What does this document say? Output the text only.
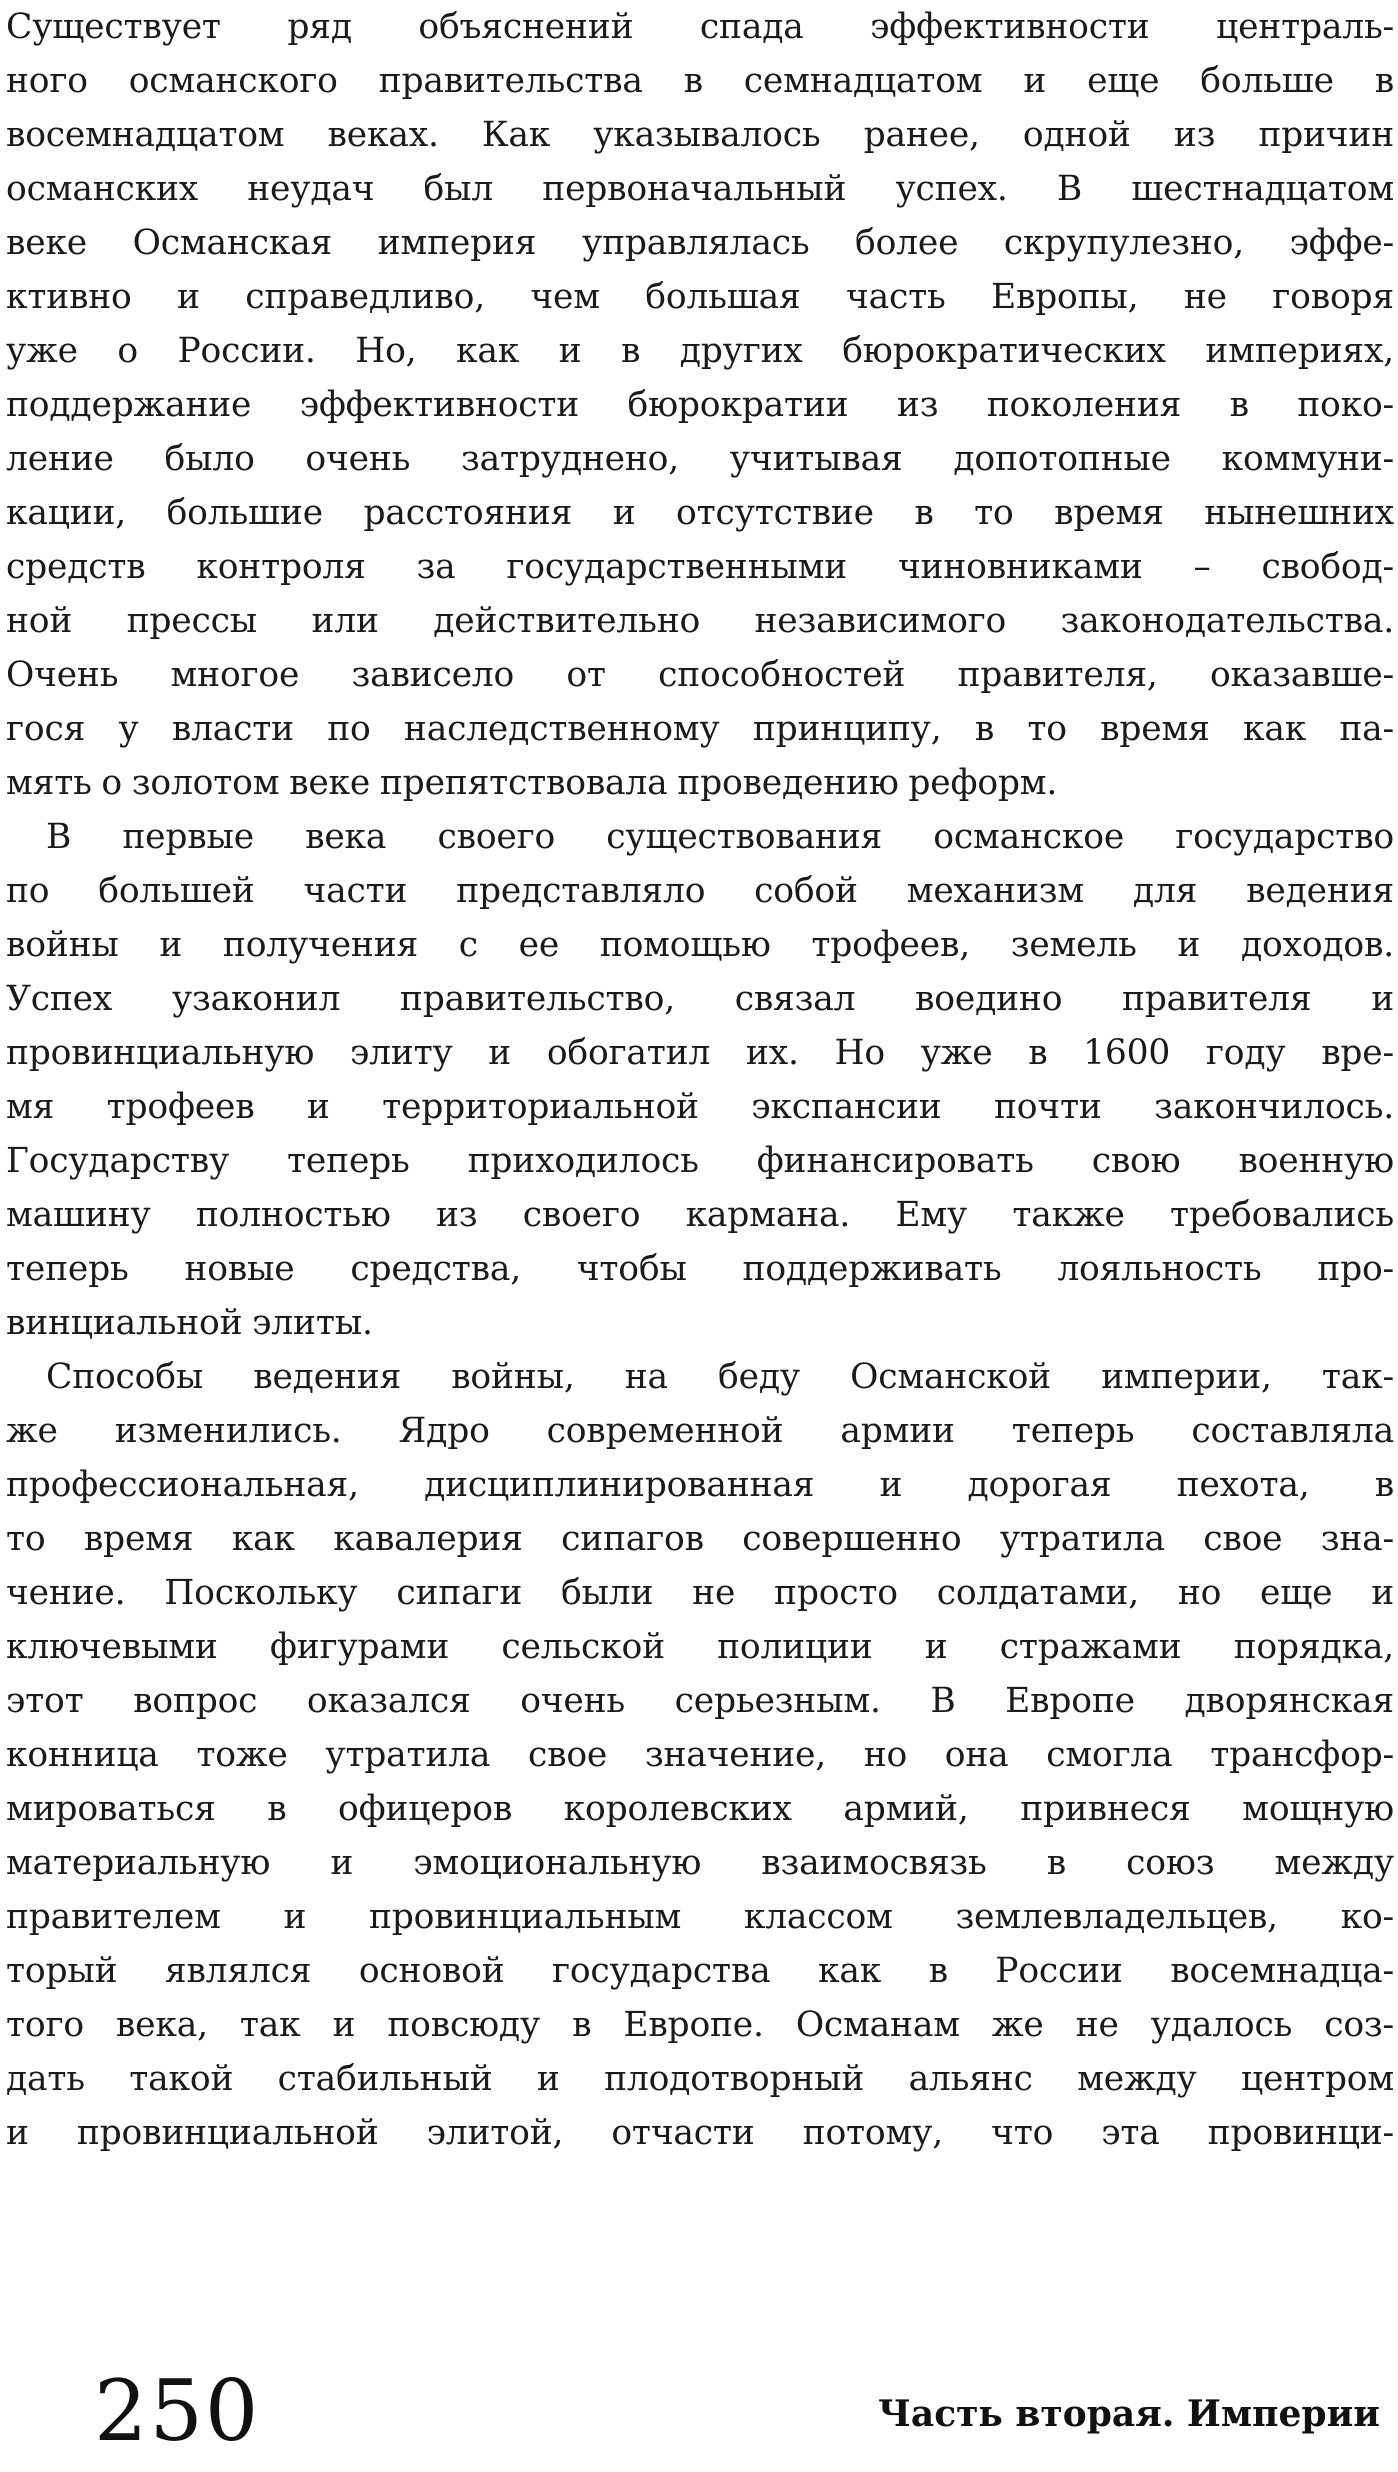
Существует ряд объяснений спада эффективности централь-
ного османского правительства в семнадцатом и еще больше в
восемнадцатом веках. Как указывалось ранее, одной из причин
османских неудач был первоначальный успех. В шестнадцатом
веке Османская империя управлялась более скрупулезно, эффе-
ктивно и справедливо, чем большая часть Европы, не говоря
уже о России. Но, как и в других бюрократических империях,
поддержание эффективности бюрократии из поколения в поко-
ление было очень затруднено, учитывая допотопные коммуни-
кации, большие расстояния и отсутствие в то время нынешних
средств контроля за государственными чиновниками – свобод-
ной прессы или действительно независимого законодательства.
Очень многое зависело от способностей правителя, оказавше-
гося у власти по наследственному принципу, в то время как па-
мять о золотом веке препятствовала проведению реформ.
В первые века своего существования османское государство
по большей части представляло собой механизм для ведения
войны и получения с ее помощью трофеев, земель и доходов.
Успех узаконил правительство, связал воедино правителя и
провинциальную элиту и обогатил их. Но уже в 1600 году вре-
мя трофеев и территориальной экспансии почти закончилось.
Государству теперь приходилось финансировать свою военную
машину полностью из своего кармана. Ему также требовались
теперь новые средства, чтобы поддерживать лояльность про-
винциальной элиты.
Способы ведения войны, на беду Османской империи, так-
же изменились. Ядро современной армии теперь составляла
профессиональная, дисциплинированная и дорогая пехота, в
то время как кавалерия сипагов совершенно утратила свое зна-
чение. Поскольку сипаги были не просто солдатами, но еще и
ключевыми фигурами сельской полиции и стражами порядка,
этот вопрос оказался очень серьезным. В Европе дворянская
конница тоже утратила свое значение, но она смогла трансфор-
мироваться в офицеров королевских армий, привнеся мощную
материальную и эмоциональную взаимосвязь в союз между
правителем и провинциальным классом землевладельцев, ко-
торый являлся основой государства как в России восемнадца-
того века, так и повсюду в Европе. Османам же не удалось соз-
дать такой стабильный и плодотворный альянс между центром
и провинциальной элитой, отчасти потому, что эта провинци-
250	Часть вторая. Империи
